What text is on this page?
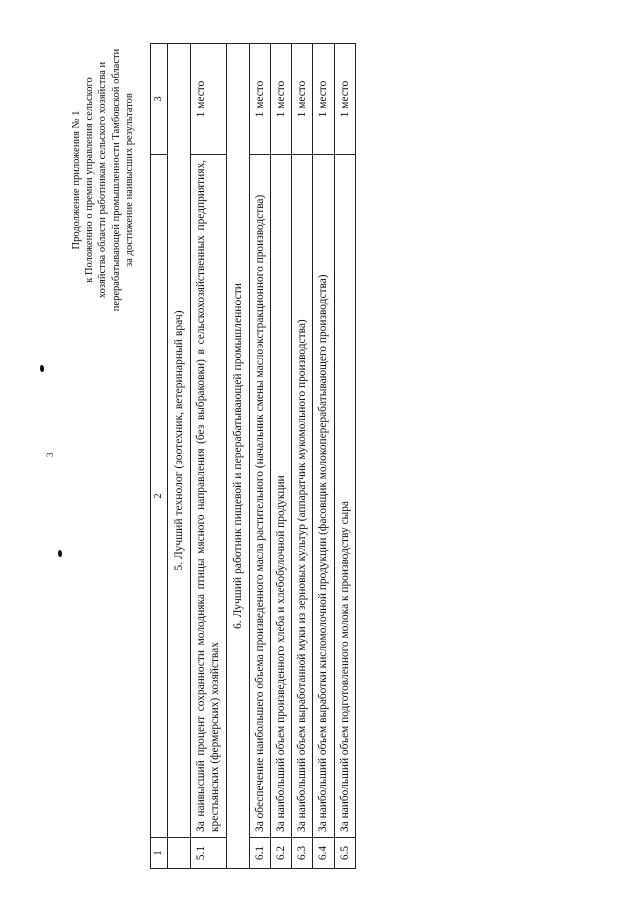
3
Продолжение приложения № 1 к Положению о премии управления сельского хозяйства области работникам сельского хозяйства и перерабатывающей промышленности Тамбовской области за достижение наивысших результатов
1	2	3
	5. Лучший технолог (зоотехник, ветеринарный врач)	
5.1	За наивысший процент сохранности молодняка птицы мясного направления (без выбраковки) в сельскохозяйственных предприятиях, крестьянских (фермерских) хозяйствах	1 место
6. Лучший работник пищевой и перерабатывающей промышленности		
6.1	За обеспечение наибольшего объема произведенного масла растительного (начальник смены маслоэкстракционного производства)	1 место
6.2	За наибольший объем произведенного хлеба и хлебобулочной продукции	1 место
6.3	За наибольший объем выработанной муки из зерновых культур (аппаратчик мукомольного производства)	1 место
6.4	За наибольший объем выработки кисломолочной продукции (фасовщик молокоперерабатывающего производства)	1 место
6.5	За наибольший объем подготовленного молока к производству сыра	1 место
